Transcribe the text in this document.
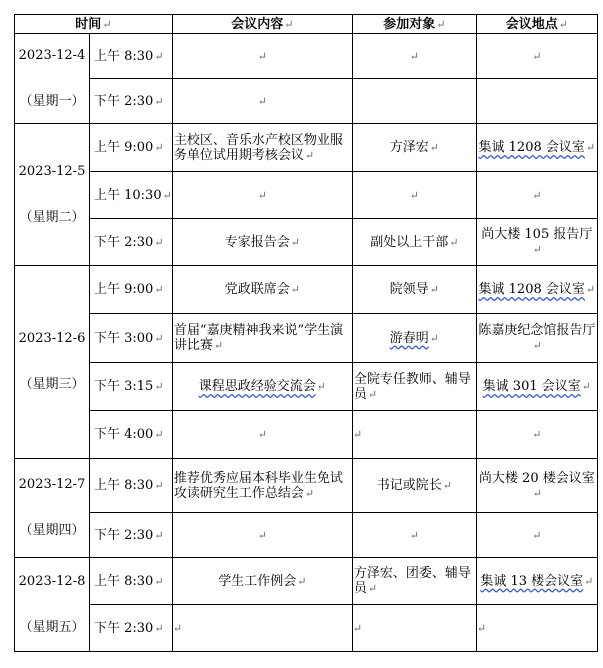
时间↵		会议内容↵	参加对象↵	会议地点↵

2023-12-4
（星期一）	上午 8:30↵	↵	↵	↵
	下午 2:30↵	↵		

2023-12-5
（星期二）	上午 9:00↵	主校区、音乐水产校区物业服务单位试用期考核会议↵	方泽宏↵	集诚 1208 会议室↵
	上午 10:30↵	↵	↵	↵
	下午 2:30↵	专家报告会↵	副处以上干部↵	尚大楼 105 报告厅↵

2023-12-6
（星期三）	上午 9:00↵	党政联席会↵	院领导↵	集诚 1208 会议室↵
	下午 3:00↵	首届“嘉庚精神我来说”学生演讲比赛↵	游春明↵	陈嘉庚纪念馆报告厅↵
	下午 3:15↵	课程思政经验交流会↵	全院专任教师、辅导员↵	集诚 301 会议室↵
	下午 4:00↵	↵	↵	↵

2023-12-7
（星期四）	上午 8:30↵	推荐优秀应届本科毕业生免试攻读研究生工作总结会↵	书记或院长↵	尚大楼 20 楼会议室↵
	下午 2:30↵	↵	↵	↵

2023-12-8
（星期五）	上午 8:30↵	学生工作例会↵	方泽宏、团委、辅导员↵	集诚 13 楼会议室↵
	下午 2:30↵	↵	↵	↵
